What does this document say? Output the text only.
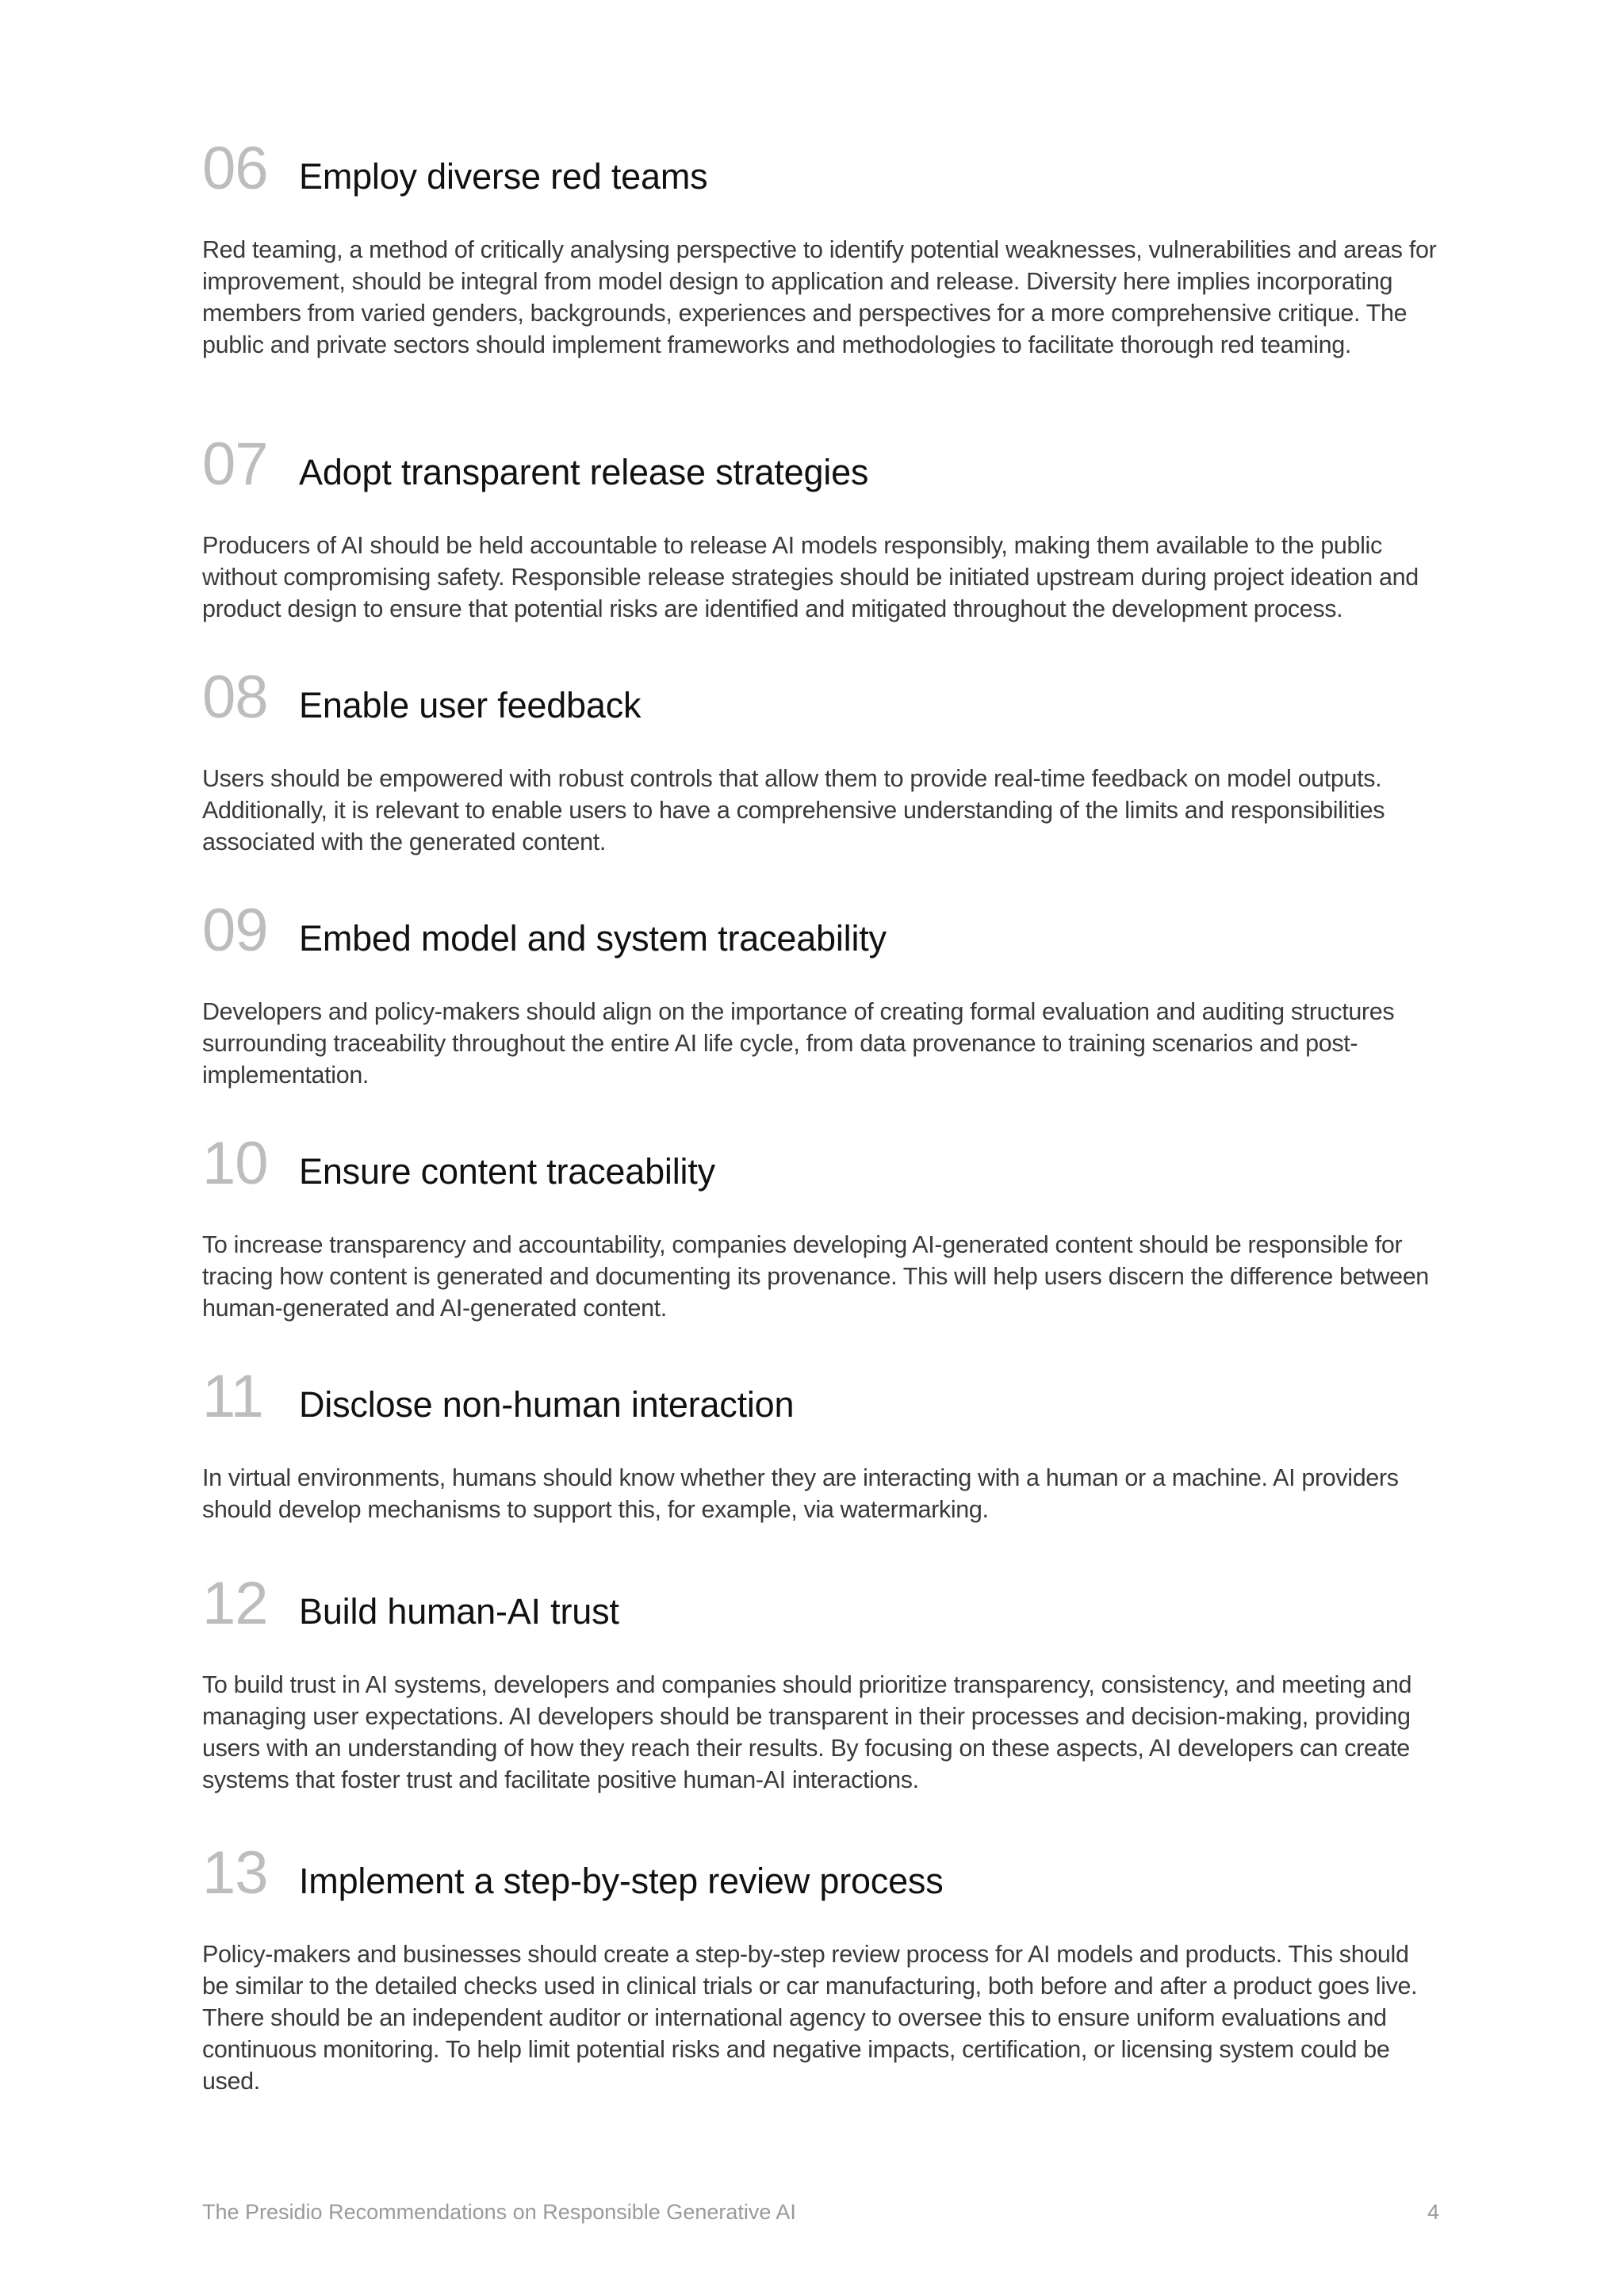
06 Employ diverse red teams
Red teaming, a method of critically analysing perspective to identify potential weaknesses, vulnerabilities and areas for improvement, should be integral from model design to application and release. Diversity here implies incorporating members from varied genders, backgrounds, experiences and perspectives for a more comprehensive critique. The public and private sectors should implement frameworks and methodologies to facilitate thorough red teaming.
07 Adopt transparent release strategies
Producers of AI should be held accountable to release AI models responsibly, making them available to the public without compromising safety. Responsible release strategies should be initiated upstream during project ideation and product design to ensure that potential risks are identified and mitigated throughout the development process.
08 Enable user feedback
Users should be empowered with robust controls that allow them to provide real-time feedback on model outputs. Additionally, it is relevant to enable users to have a comprehensive understanding of the limits and responsibilities associated with the generated content.
09 Embed model and system traceability
Developers and policy-makers should align on the importance of creating formal evaluation and auditing structures surrounding traceability throughout the entire AI life cycle, from data provenance to training scenarios and post-implementation.
10 Ensure content traceability
To increase transparency and accountability, companies developing AI-generated content should be responsible for tracing how content is generated and documenting its provenance. This will help users discern the difference between human-generated and AI-generated content.
11	Disclose non-human interaction
In virtual environments, humans should know whether they are interacting with a human or a machine. AI providers should develop mechanisms to support this, for example, via watermarking.
12 Build human-AI trust
To build trust in AI systems, developers and companies should prioritize transparency, consistency, and meeting and managing user expectations. AI developers should be transparent in their processes and decision-making, providing users with an understanding of how they reach their results. By focusing on these aspects, AI developers can create systems that foster trust and facilitate positive human-AI interactions.
13 Implement a step-by-step review process
Policy-makers and businesses should create a step-by-step review process for AI models and products. This should be similar to the detailed checks used in clinical trials or car manufacturing, both before and after a product goes live. There should be an independent auditor or international agency to oversee this to ensure uniform evaluations and continuous monitoring. To help limit potential risks and negative impacts, certification, or licensing system could be used.
The Presidio Recommendations on Responsible Generative AI	4
